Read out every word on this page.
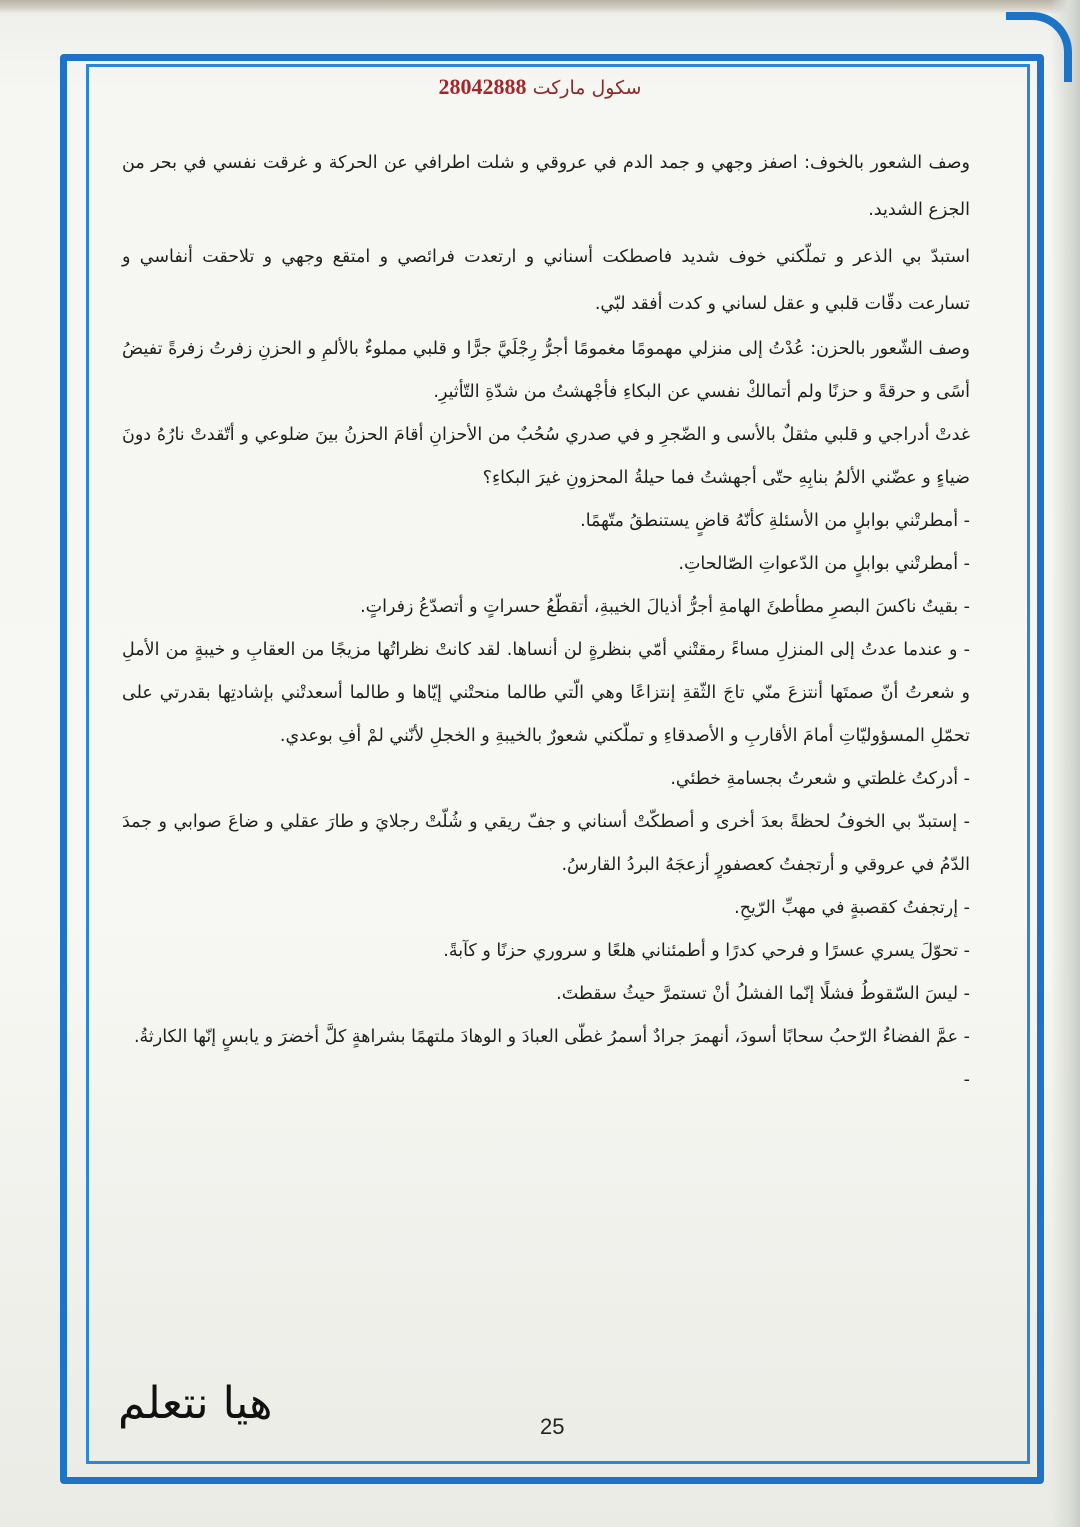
سكول ماركت 28042888

وصف الشعور بالخوف: اصفز وجهي و جمد الدم في عروقي و شلت اطرافي عن الحركة و غرقت نفسي في بحر من الجزع الشديد.

استبدّ بي الذعر و تملّكني خوف شديد فاصطكت أسناني و ارتعدت فرائصي و امتقع وجهي و تلاحقت أنفاسي و تسارعت دقّات قلبي و عقل لساني و كدت أفقد لبّي.

وصف الشّعور بالحزن: عُدْتُ إلى منزلي مهمومًا مغمومًا أجرُّ رِجْلَيَّ جرًّا و قلبي مملوءٌ بالألمِ و الحزنِ زفرتُ زفرةً تفيضُ أسًى و حرقةً و حزنًا ولم أتمالكْ نفسي عن البكاءِ فأجْهشتُ من شدّةِ التّأثيرِ.

غدتْ أدراجي و قلبي مثقلٌ بالأسى و الضّجرِ و في صدري سُحُبٌ من الأحزانِ أقامَ الحزنُ بينَ ضلوعي و أتّقدتْ نارُهُ دونَ ضياءٍ و عضّني الألمُ بنابِهِ حتّى أجهشتُ فما حيلةُ المحزونِ غيرَ البكاءِ؟

- أمطرتْني بوابلٍ من الأسئلةِ كأنّهُ قاضٍ يستنطقُ متّهمًا.

- أمطرتْني بوابلٍ من الدّعواتِ الصّالحاتِ.

- بقيتُ ناكسَ البصرِ مطأطئَ الهامةِ أجرُّ أذيالَ الخيبةِ، أتقطّعُ حسراتٍ و أتصدّعُ زفراتٍ.

- و عندما عدتُ إلى المنزلِ مساءً رمقتْني أمّي بنظرةٍ لن أنساها. لقد كانتْ نظراتُها مزيجًا من العقابِ و خيبةٍ من الأملِ و شعرتُ أنّ صمتَها أنتزعَ منّي تاجَ الثّقةِ إنتزاعًا وهي الّتي طالما منحتْني إيّاها و طالما أسعدتْني بإشادتِها بقدرتي على تحمّلِ المسؤوليّاتِ أمامَ الأقاربِ و الأصدقاءِ و تملّكني شعورٌ بالخيبةِ و الخجلِ لأنّني لمْ أفِ بوعدي.

- أدركتُ غلطتي و شعرتُ بجسامةِ خطئي.

- إستبدّ بي الخوفُ لحظةً بعدَ أخرى و أصطكّتْ أسناني و جفّ ريقي و شُلّتْ رجلايَ و طارَ عقلي و ضاعَ صوابي و جمدَ الدّمُ في عروقي و أرتجفتُ كعصفورٍ أزعجَهُ البردُ القارسُ.

- إرتجفتُ كقصبةٍ في مهبِّ الرّيحِ.

- تحوّلَ يسري عسرًا و فرحي كدرًا و أطمئناني هلعًا و سروري حزنًا و كآبةً.

- ليسَ السّقوطُ فشلًا إنّما الفشلُ أنْ تستمرَّ حيثُ سقطتَ.

- عمَّ الفضاءُ الرّحبُ سحابًا أسودَ، أنهمرَ جرادٌ أسمرُ غطّى العبادَ و الوهادَ ملتهمًا بشراهةٍ كلَّ أخضرَ و يابسٍ إنّها الكارثةُ.

-

هيا نتعلم	25
